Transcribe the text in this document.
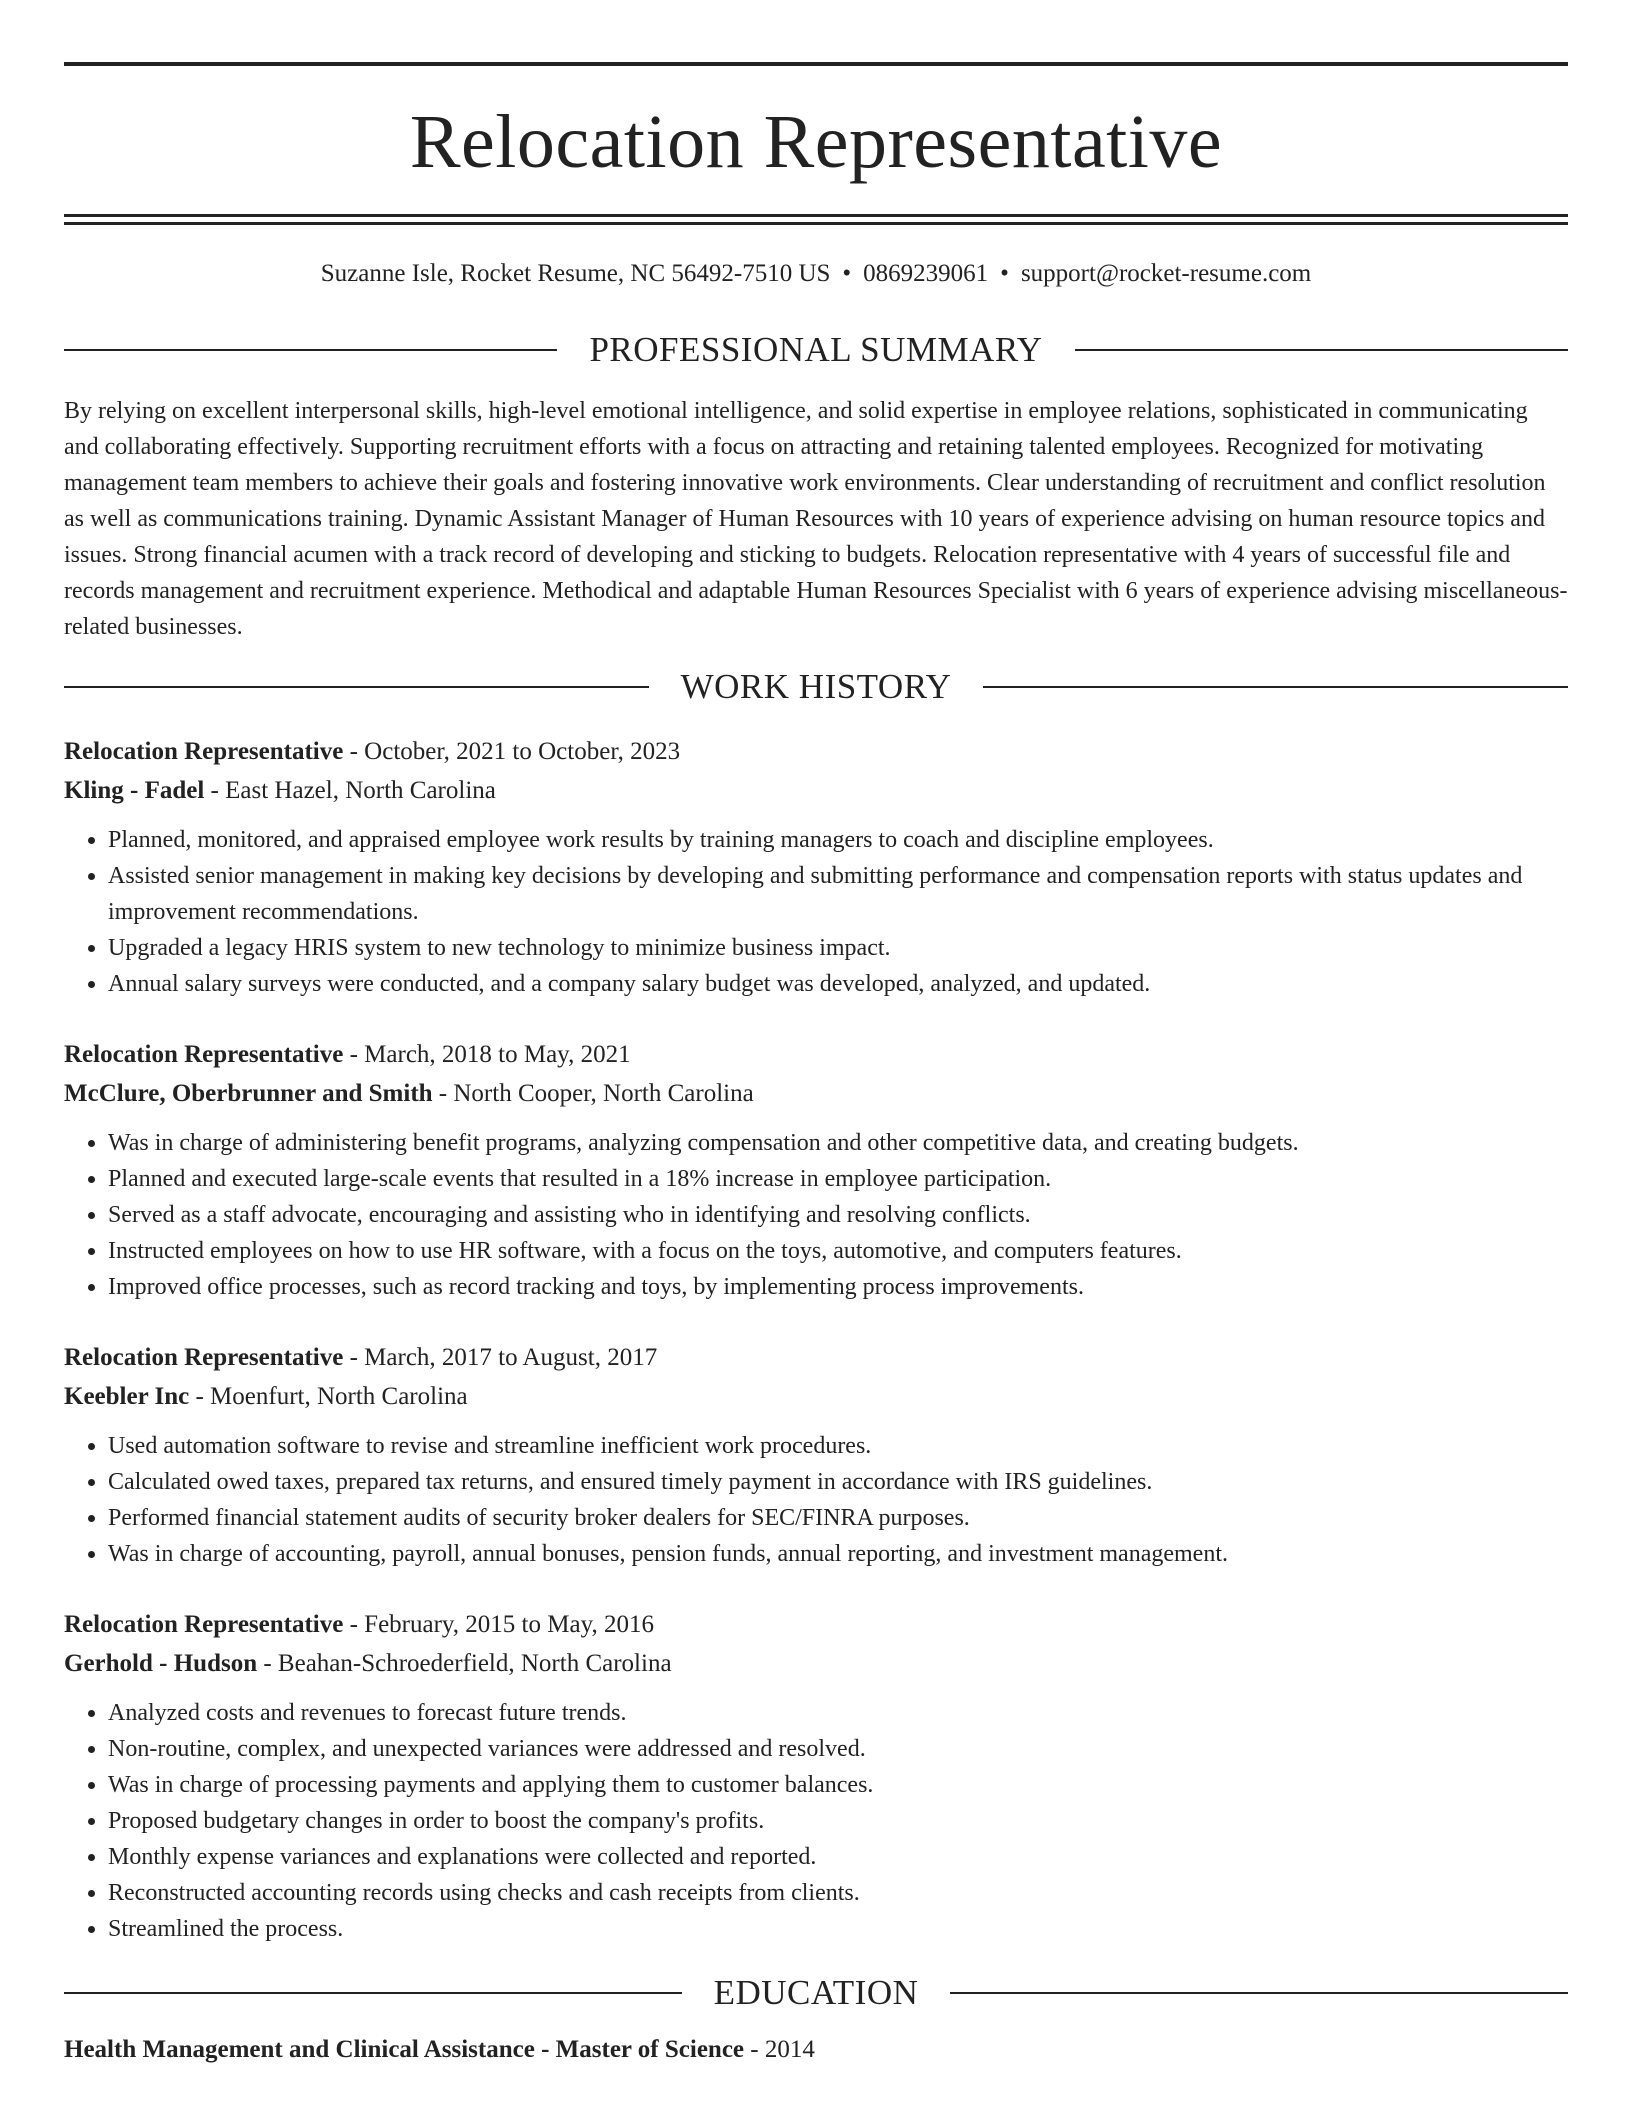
Relocation Representative
Suzanne Isle, Rocket Resume, NC 56492-7510 US • 0869239061 • support@rocket-resume.com
PROFESSIONAL SUMMARY

By relying on excellent interpersonal skills, high-level emotional intelligence, and solid expertise in employee relations, sophisticated in communicating and collaborating effectively. Supporting recruitment efforts with a focus on attracting and retaining talented employees. Recognized for motivating management team members to achieve their goals and fostering innovative work environments. Clear understanding of recruitment and conflict resolution as well as communications training. Dynamic Assistant Manager of Human Resources with 10 years of experience advising on human resource topics and issues. Strong financial acumen with a track record of developing and sticking to budgets. Relocation representative with 4 years of successful file and records management and recruitment experience. Methodical and adaptable Human Resources Specialist with 6 years of experience advising miscellaneous-related businesses.

WORK HISTORY
Relocation Representative - October, 2021 to October, 2023
Kling - Fadel - East Hazel, North Carolina
• Planned, monitored, and appraised employee work results by training managers to coach and discipline employees.
• Assisted senior management in making key decisions by developing and submitting performance and compensation reports with status updates and improvement recommendations.
• Upgraded a legacy HRIS system to new technology to minimize business impact.
• Annual salary surveys were conducted, and a company salary budget was developed, analyzed, and updated.
Relocation Representative - March, 2018 to May, 2021
McClure, Oberbrunner and Smith - North Cooper, North Carolina
• Was in charge of administering benefit programs, analyzing compensation and other competitive data, and creating budgets.
• Planned and executed large-scale events that resulted in a 18% increase in employee participation.
• Served as a staff advocate, encouraging and assisting who in identifying and resolving conflicts.
• Instructed employees on how to use HR software, with a focus on the toys, automotive, and computers features.
• Improved office processes, such as record tracking and toys, by implementing process improvements.
Relocation Representative - March, 2017 to August, 2017
Keebler Inc - Moenfurt, North Carolina
• Used automation software to revise and streamline inefficient work procedures.
• Calculated owed taxes, prepared tax returns, and ensured timely payment in accordance with IRS guidelines.
• Performed financial statement audits of security broker dealers for SEC/FINRA purposes.
• Was in charge of accounting, payroll, annual bonuses, pension funds, annual reporting, and investment management.
Relocation Representative - February, 2015 to May, 2016
Gerhold - Hudson - Beahan-Schroederfield, North Carolina
• Analyzed costs and revenues to forecast future trends.
• Non-routine, complex, and unexpected variances were addressed and resolved.
• Was in charge of processing payments and applying them to customer balances.
• Proposed budgetary changes in order to boost the company's profits.
• Monthly expense variances and explanations were collected and reported.
• Reconstructed accounting records using checks and cash receipts from clients.
• Streamlined the process.
EDUCATION
Health Management and Clinical Assistance - Master of Science - 2014
